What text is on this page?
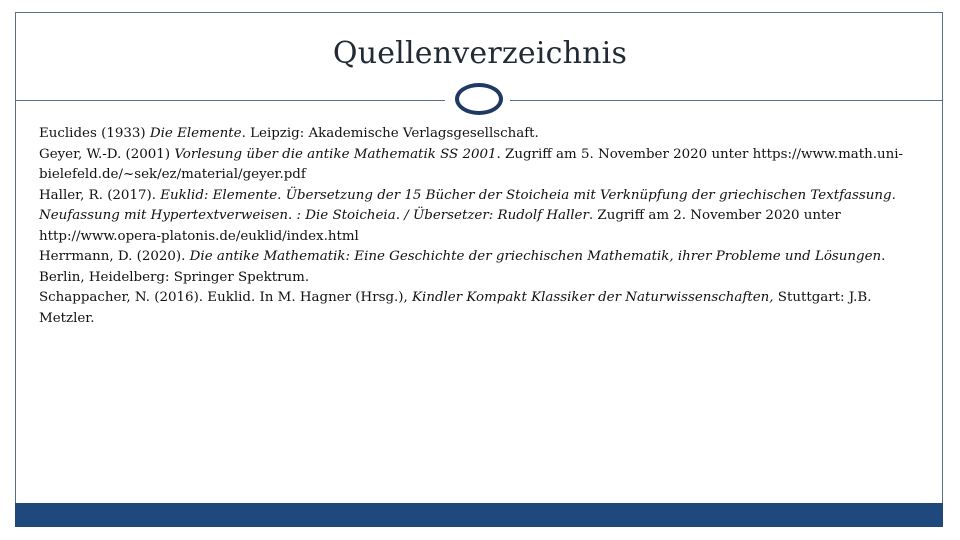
Quellenverzeichnis
Euclides (1933) Die Elemente. Leipzig: Akademische Verlagsgesellschaft.
Geyer, W.-D. (2001) Vorlesung über die antike Mathematik SS 2001. Zugriff am 5. November 2020 unter https://www.math.uni-bielefeld.de/~sek/ez/material/geyer.pdf
Haller, R. (2017). Euklid: Elemente. Übersetzung der 15 Bücher der Stoicheia mit Verknüpfung der griechischen Textfassung. Neufassung mit Hypertextverweisen. : Die Stoicheia. / Übersetzer: Rudolf Haller. Zugriff am 2. November 2020 unter http://www.opera-platonis.de/euklid/index.html
Herrmann, D. (2020). Die antike Mathematik: Eine Geschichte der griechischen Mathematik, ihrer Probleme und Lösungen. Berlin, Heidelberg: Springer Spektrum.
Schappacher, N. (2016). Euklid. In M. Hagner (Hrsg.), Kindler Kompakt Klassiker der Naturwissenschaften, Stuttgart: J.B. Metzler.
